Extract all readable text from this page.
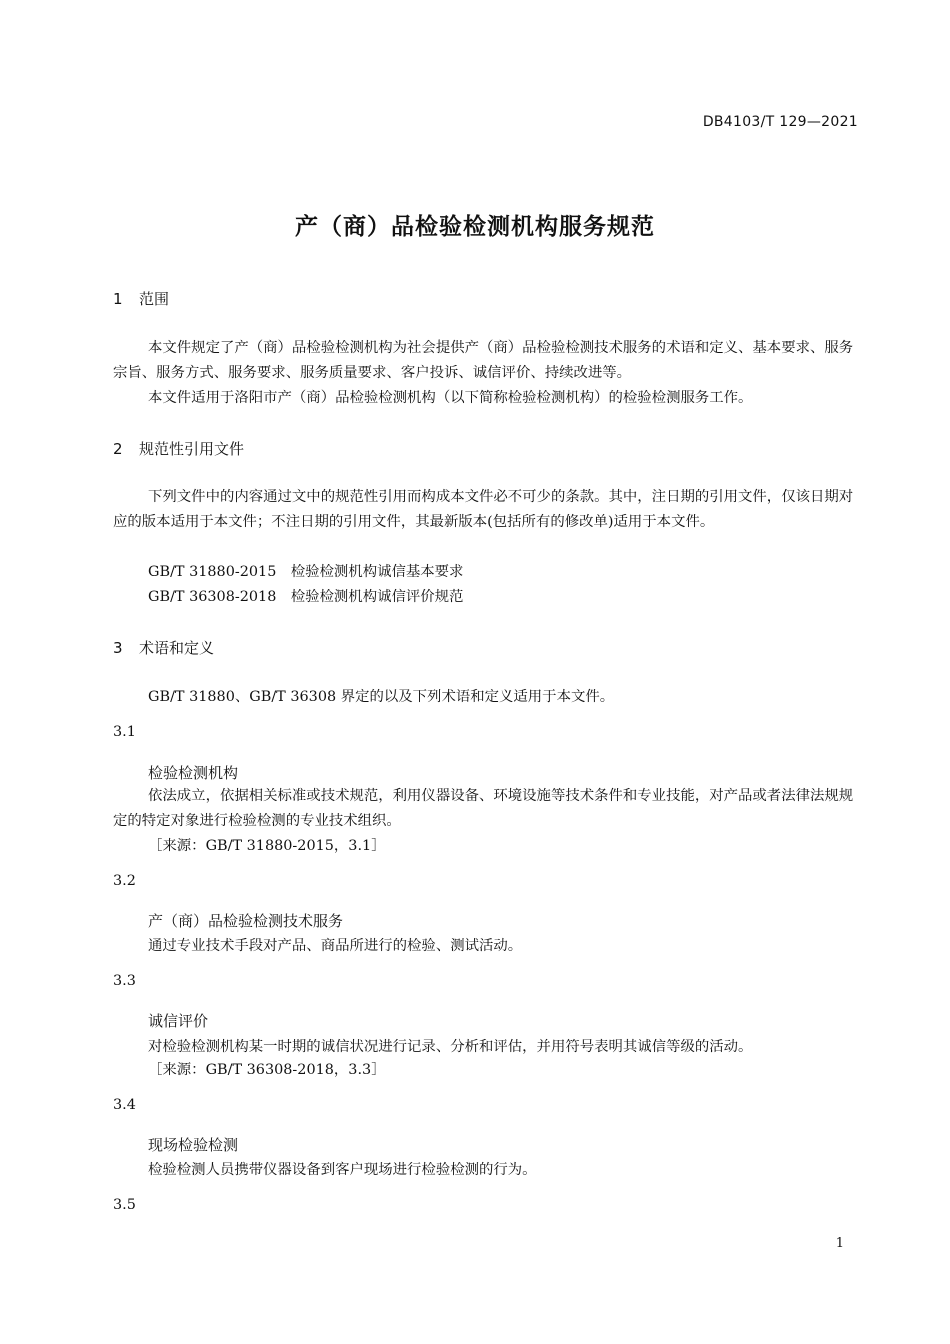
DB4103/T 129—2021
产（商）品检验检测机构服务规范
1 范围
本文件规定了产（商）品检验检测机构为社会提供产（商）品检验检测技术服务的术语和定义、基本要求、服务宗旨、服务方式、服务要求、服务质量要求、客户投诉、诚信评价、持续改进等。
本文件适用于洛阳市产（商）品检验检测机构（以下简称检验检测机构）的检验检测服务工作。
2 规范性引用文件
下列文件中的内容通过文中的规范性引用而构成本文件必不可少的条款。其中，注日期的引用文件，仅该日期对应的版本适用于本文件；不注日期的引用文件，其最新版本(包括所有的修改单)适用于本文件。
GB/T 31880-2015　检验检测机构诚信基本要求
GB/T 36308-2018　检验检测机构诚信评价规范
3 术语和定义
GB/T 31880、GB/T 36308 界定的以及下列术语和定义适用于本文件。
3.1
检验检测机构
依法成立，依据相关标准或技术规范，利用仪器设备、环境设施等技术条件和专业技能，对产品或者法律法规规定的特定对象进行检验检测的专业技术组织。
［来源：GB/T 31880-2015，3.1］
3.2
产（商）品检验检测技术服务
通过专业技术手段对产品、商品所进行的检验、测试活动。
3.3
诚信评价
对检验检测机构某一时期的诚信状况进行记录、分析和评估，并用符号表明其诚信等级的活动。
［来源：GB/T 36308-2018，3.3］
3.4
现场检验检测
检验检测人员携带仪器设备到客户现场进行检验检测的行为。
3.5
1
